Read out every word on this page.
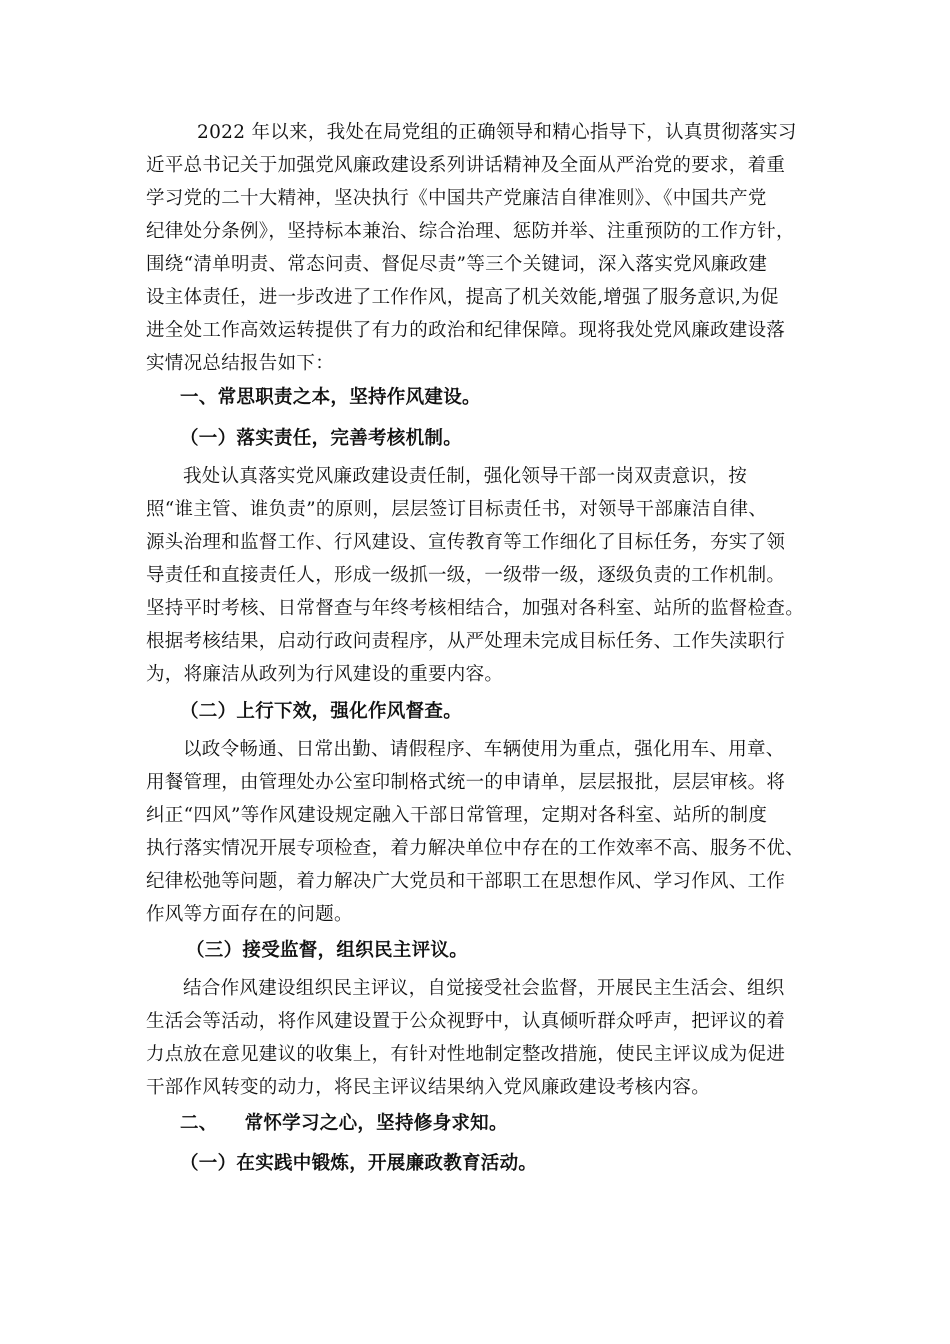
2022 年以来，我处在局党组的正确领导和精心指导下，认真贯彻落实习

近平总书记关于加强党风廉政建设系列讲话精神及全面从严治党的要求，着重

学习党的二十大精神，坚决执行《中国共产党廉洁自律准则》、《中国共产党

纪律处分条例》，坚持标本兼治、综合治理、惩防并举、注重预防的工作方针，

围绕“清单明责、常态问责、督促尽责”等三个关键词，深入落实党风廉政建

设主体责任，进一步改进了工作作风，提高了机关效能,增强了服务意识,为促

进全处工作高效运转提供了有力的政治和纪律保障。现将我处党风廉政建设落

实情况总结报告如下：

一、常思职责之本，坚持作风建设。

（一）落实责任，完善考核机制。

我处认真落实党风廉政建设责任制，强化领导干部一岗双责意识，按

照“谁主管、谁负责”的原则，层层签订目标责任书，对领导干部廉洁自律、

源头治理和监督工作、行风建设、宣传教育等工作细化了目标任务，夯实了领

导责任和直接责任人，形成一级抓一级，一级带一级，逐级负责的工作机制。

坚持平时考核、日常督查与年终考核相结合，加强对各科室、站所的监督检查。

根据考核结果，启动行政问责程序，从严处理未完成目标任务、工作失渎职行

为，将廉洁从政列为行风建设的重要内容。

（二）上行下效，强化作风督查。

以政令畅通、日常出勤、请假程序、车辆使用为重点，强化用车、用章、

用餐管理，由管理处办公室印制格式统一的申请单，层层报批，层层审核。将

纠正“四风”等作风建设规定融入干部日常管理，定期对各科室、站所的制度

执行落实情况开展专项检查，着力解决单位中存在的工作效率不高、服务不优、

纪律松弛等问题，着力解决广大党员和干部职工在思想作风、学习作风、工作

作风等方面存在的问题。

（三）接受监督，组织民主评议。

结合作风建设组织民主评议，自觉接受社会监督，开展民主生活会、组织

生活会等活动，将作风建设置于公众视野中，认真倾听群众呼声，把评议的着

力点放在意见建议的收集上，有针对性地制定整改措施，使民主评议成为促进

干部作风转变的动力，将民主评议结果纳入党风廉政建设考核内容。

二、    常怀学习之心，坚持修身求知。

（一）在实践中锻炼，开展廉政教育活动。
